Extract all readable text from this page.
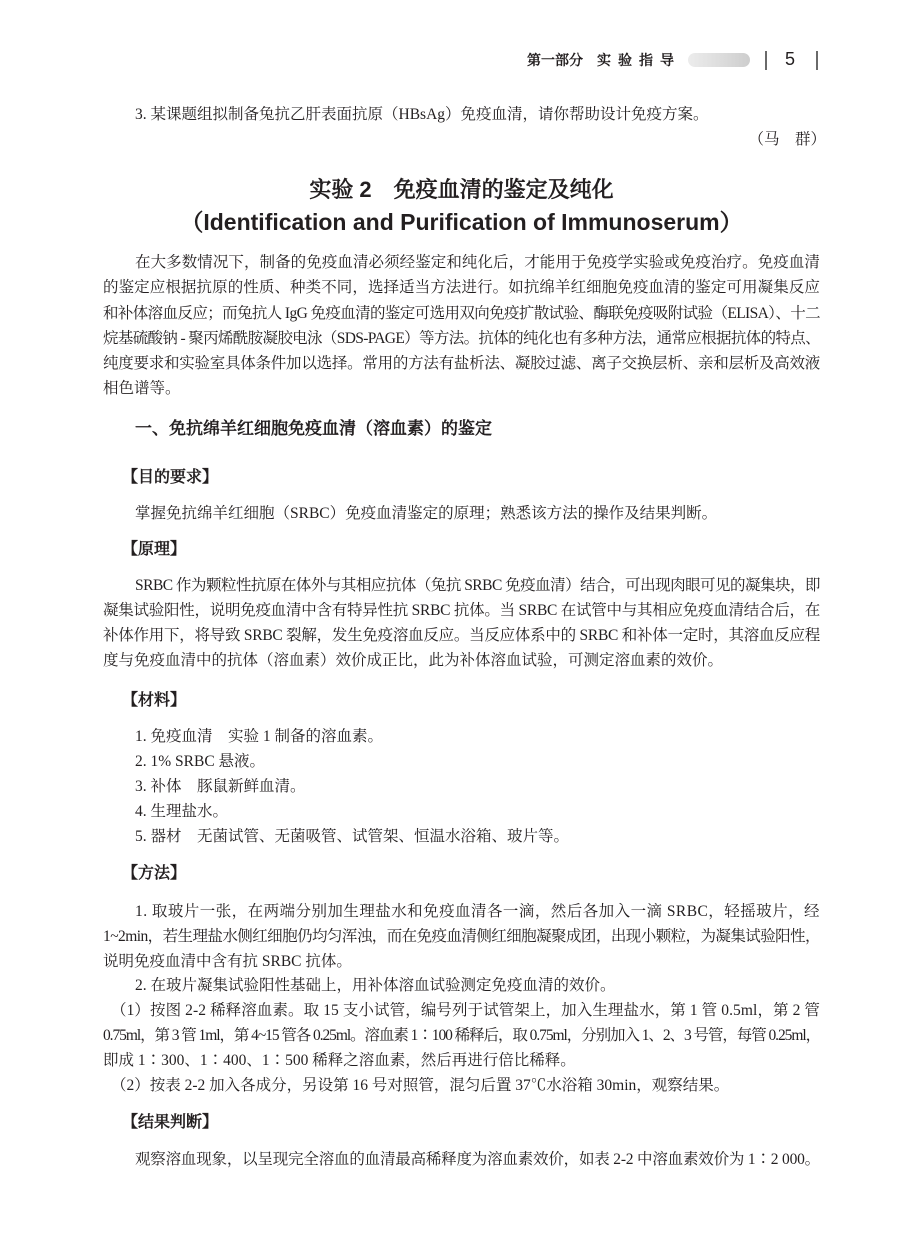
第一部分 实验指导	5
3. 某课题组拟制备兔抗乙肝表面抗原（HBsAg）免疫血清，请你帮助设计免疫方案。
（马　群）
实验 2　免疫血清的鉴定及纯化
（Identification and Purification of Immunoserum）
在大多数情况下，制备的免疫血清必须经鉴定和纯化后，才能用于免疫学实验或免疫治疗。免疫血清
的鉴定应根据抗原的性质、种类不同，选择适当方法进行。如抗绵羊红细胞免疫血清的鉴定可用凝集反应
和补体溶血反应；而兔抗人 IgG 免疫血清的鉴定可选用双向免疫扩散试验、酶联免疫吸附试验（ELISA）、十二
烷基硫酸钠 - 聚丙烯酰胺凝胶电泳（SDS-PAGE）等方法。抗体的纯化也有多种方法，通常应根据抗体的特点、
纯度要求和实验室具体条件加以选择。常用的方法有盐析法、凝胶过滤、离子交换层析、亲和层析及高效液
相色谱等。
一、免抗绵羊红细胞免疫血清（溶血素）的鉴定
【目的要求】
掌握免抗绵羊红细胞（SRBC）免疫血清鉴定的原理；熟悉该方法的操作及结果判断。
【原理】
SRBC 作为颗粒性抗原在体外与其相应抗体（兔抗 SRBC 免疫血清）结合，可出现肉眼可见的凝集块，即
凝集试验阳性，说明免疫血清中含有特异性抗 SRBC 抗体。当 SRBC 在试管中与其相应免疫血清结合后，在
补体作用下，将导致 SRBC 裂解，发生免疫溶血反应。当反应体系中的 SRBC 和补体一定时，其溶血反应程
度与免疫血清中的抗体（溶血素）效价成正比，此为补体溶血试验，可测定溶血素的效价。
【材料】
1. 免疫血清　实验 1 制备的溶血素。
2. 1% SRBC 悬液。
3. 补体　豚鼠新鲜血清。
4. 生理盐水。
5. 器材　无菌试管、无菌吸管、试管架、恒温水浴箱、玻片等。
【方法】
1. 取玻片一张，在两端分别加生理盐水和免疫血清各一滴，然后各加入一滴 SRBC，轻摇玻片，经
1~2min，若生理盐水侧红细胞仍均匀浑浊，而在免疫血清侧红细胞凝聚成团，出现小颗粒，为凝集试验阳性，
说明免疫血清中含有抗 SRBC 抗体。
2. 在玻片凝集试验阳性基础上，用补体溶血试验测定免疫血清的效价。
（1）按图 2-2 稀释溶血素。取 15 支小试管，编号列于试管架上，加入生理盐水，第 1 管 0.5ml，第 2 管
0.75ml，第 3 管 1ml，第 4~15 管各 0.25ml。溶血素 1∶100 稀释后，取 0.75ml，分别加入 1、2、3 号管，每管 0.25ml，
即成 1∶300、1∶400、1∶500 稀释之溶血素，然后再进行倍比稀释。
（2）按表 2-2 加入各成分，另设第 16 号对照管，混匀后置 37℃水浴箱 30min，观察结果。
【结果判断】
观察溶血现象，以呈现完全溶血的血清最高稀释度为溶血素效价，如表 2-2 中溶血素效价为 1∶2 000。
